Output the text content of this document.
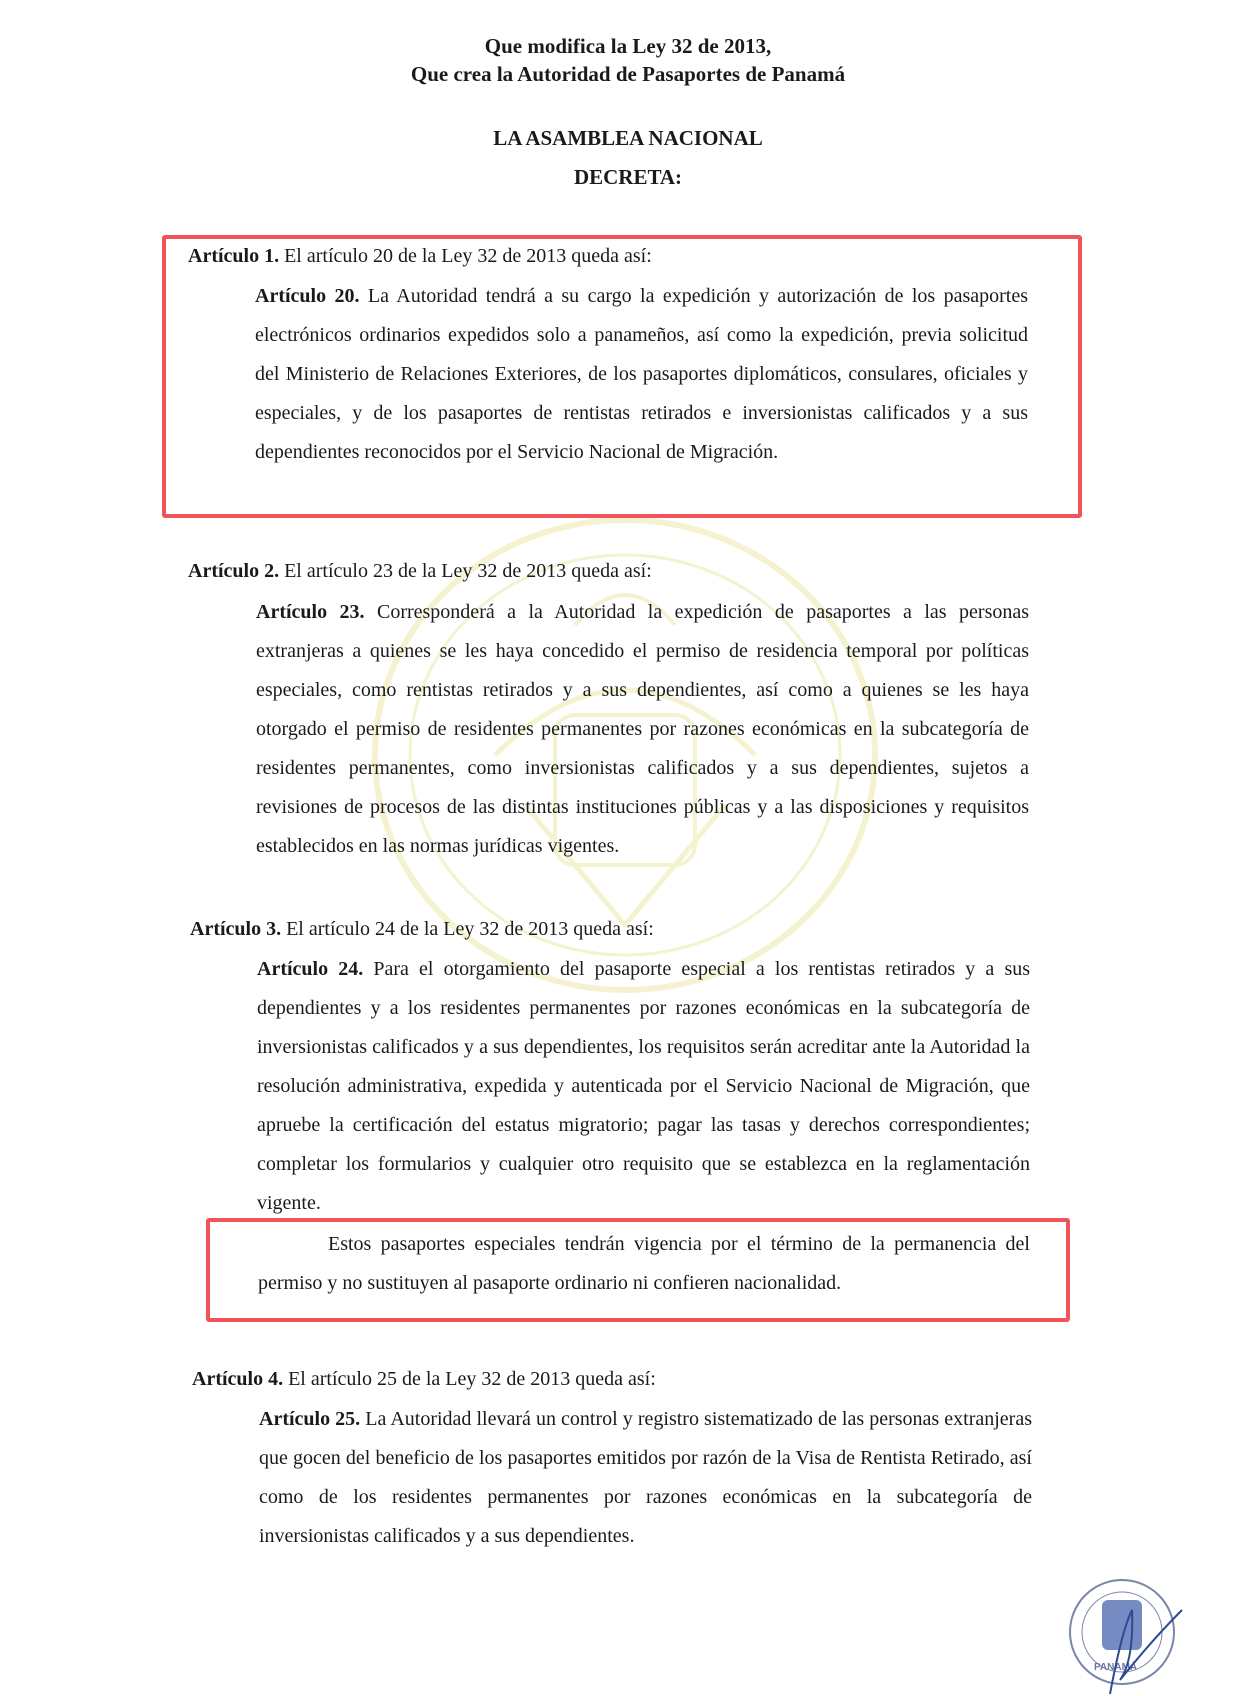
Que modifica la Ley 32 de 2013,
Que crea la Autoridad de Pasaportes de Panamá
LA ASAMBLEA NACIONAL
DECRETA:
Artículo 1. El artículo 20 de la Ley 32 de 2013 queda así:
Artículo 20. La Autoridad tendrá a su cargo la expedición y autorización de los pasaportes electrónicos ordinarios expedidos solo a panameños, así como la expedición, previa solicitud del Ministerio de Relaciones Exteriores, de los pasaportes diplomáticos, consulares, oficiales y especiales, y de los pasaportes de rentistas retirados e inversionistas calificados y a sus dependientes reconocidos por el Servicio Nacional de Migración.
Artículo 2. El artículo 23 de la Ley 32 de 2013 queda así:
Artículo 23. Corresponderá a la Autoridad la expedición de pasaportes a las personas extranjeras a quienes se les haya concedido el permiso de residencia temporal por políticas especiales, como rentistas retirados y a sus dependientes, así como a quienes se les haya otorgado el permiso de residentes permanentes por razones económicas en la subcategoría de residentes permanentes, como inversionistas calificados y a sus dependientes, sujetos a revisiones de procesos de las distintas instituciones públicas y a las disposiciones y requisitos establecidos en las normas jurídicas vigentes.
Artículo 3. El artículo 24 de la Ley 32 de 2013 queda así:
Artículo 24. Para el otorgamiento del pasaporte especial a los rentistas retirados y a sus dependientes y a los residentes permanentes por razones económicas en la subcategoría de inversionistas calificados y a sus dependientes, los requisitos serán acreditar ante la Autoridad la resolución administrativa, expedida y autenticada por el Servicio Nacional de Migración, que apruebe la certificación del estatus migratorio; pagar las tasas y derechos correspondientes; completar los formularios y cualquier otro requisito que se establezca en la reglamentación vigente.
Estos pasaportes especiales tendrán vigencia por el término de la permanencia del permiso y no sustituyen al pasaporte ordinario ni confieren nacionalidad.
Artículo 4. El artículo 25 de la Ley 32 de 2013 queda así:
Artículo 25. La Autoridad llevará un control y registro sistematizado de las personas extranjeras que gocen del beneficio de los pasaportes emitidos por razón de la Visa de Rentista Retirado, así como de los residentes permanentes por razones económicas en la subcategoría de inversionistas calificados y a sus dependientes.
PANAMÁ
